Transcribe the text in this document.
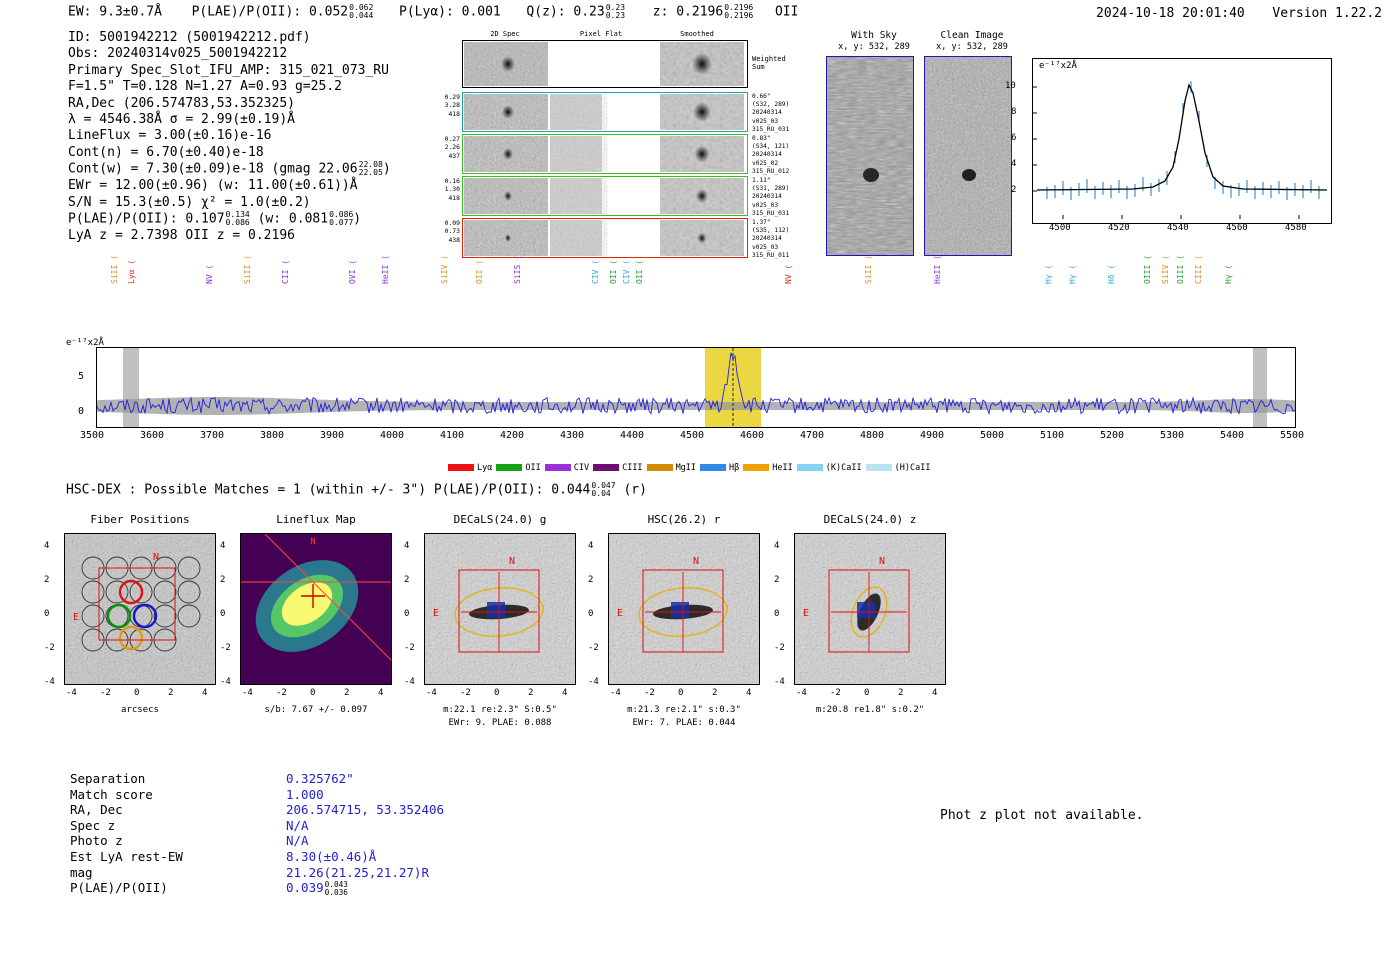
EW: 9.3±0.7Å P(LAE)/P(OII): 0.0520.062
0.044 P(Lyα): 0.001 Q(z): 0.230.23
0.23 z: 0.21960.2196
0.2196 OII	2024-10-18 20:01:40 Version 1.22.2
ID: 5001942212 (5001942212.pdf)
Obs: 20240314v025_5001942212
Primary Spec_Slot_IFU_AMP: 315_021_073_RU
F=1.5" T=0.128 N=1.27 A=0.93 g=25.2
RA,Dec (206.574783,53.352325)
λ = 4546.38Å σ = 2.99(±0.19)Å
LineFlux = 3.00(±0.16)e-16
Cont(n) = 6.70(±0.40)e-18
Cont(w) = 7.30(±0.09)e-18 (gmag 22.0622.08
22.05)
EWr = 12.00(±0.96) (w: 11.00(±0.61))Å
S/N = 15.3(±0.5) χ² = 1.0(±0.2)
P(LAE)/P(OII): 0.1070.134
0.086 (w: 0.0810.086
0.077)
LyA z = 2.7398 OII z = 0.2196
2D Spec	Pixel Flat	Smoothed
Weighted
Sum
0.29
3.28
418
0.66"
(S32, 289)
20240314
v025_03
315_RU_031
0.27
2.26
437
0.83"
(S34, 121)
20240314
v025_02
315_RU_012
0.16
1.30
418
1.11"
(S31, 289)
20240314
v025_03
315_RU_031
0.09
0.73
438
1.37"
(S35, 112)
20240314
v025_03
315_RU_011
With Sky
x, y: 532, 289
Clean Image
x, y: 532, 289
e⁻¹⁷x2Å
2
4
6
8
10
4500	4520	4540	4560	4580
SiII ( Lyα (	NV (	SiII (	CII (	OVI (	HeII (	SiIV (	OII (	SiIS (	CIV ( OII ( CIV ( OII (	NV (	SiII (	HeII (	Hγ ( Hγ (	Hδ (	OIII ( SiIV ( OIII ( CIII (	Hγ (
e⁻¹⁷x2Å
5
0
3500	3600	3700	3800	3900	4000	4100	4200	4300	4400	4500	4600	4700	4800	4900	5000	5100	5200	5300	5400	5500
Lyα	OII	CIV	CIII	MgII	Hβ	HeII	(K)CaII	(H)CaII
HSC-DEX : Possible Matches = 1 (within +/- 3") P(LAE)/P(OII): 0.0440.047
0.04 (r)
Fiber Positions
N
E
4
2
0
-2
-4
-4	-2	0	2	4
arcsecs
Lineflux Map
N
4
2
0
-2
-4
-4	-2	0	2	4
s/b: 7.67 +/- 0.097
DECaLS(24.0) g
N
E
4
2
0
-2
-4
-4	-2	0	2	4
m:22.1 re:2.3" S:0.5"
EWr: 9. PLAE: 0.088
HSC(26.2) r
N
E
4
2
0
-2
-4
-4	-2	0	2	4
m:21.3 re:2.1" s:0.3"
EWr: 7. PLAE: 0.044
DECaLS(24.0) z
N
E
4
2
0
-2
-4
-4	-2	0	2	4
m:20.8 re1.8" s:0.2"
Separation	0.325762"
Match score	1.000
RA, Dec	206.574715, 53.352406
Spec z	N/A
Photo z	N/A
Est LyA rest-EW	8.30(±0.46)Å
mag	21.26(21.25,21.27)R
P(LAE)/P(OII)	0.0390.043
0.036
Phot z plot not available.
